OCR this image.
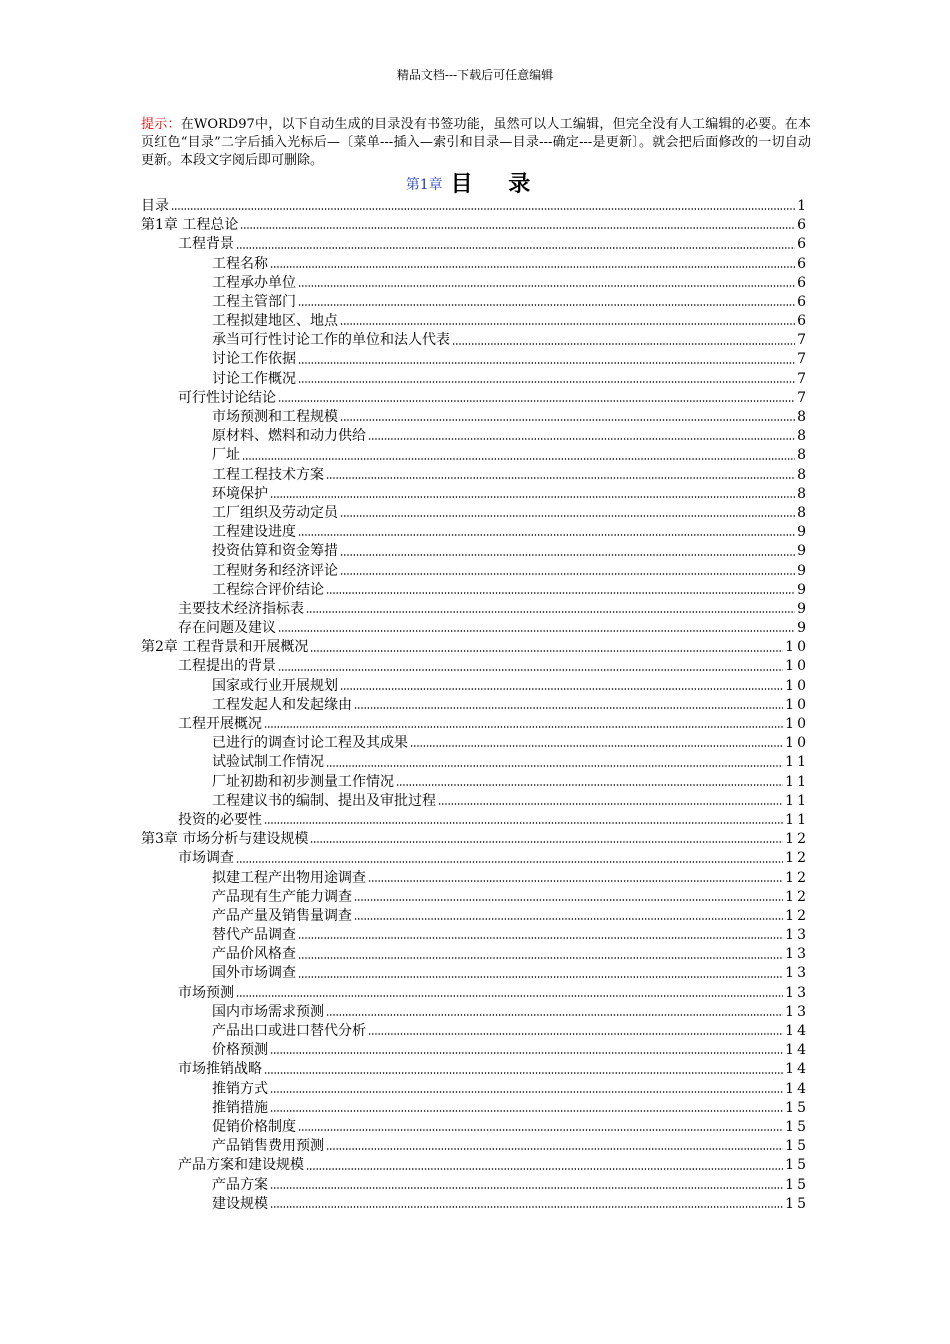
精品文档---下载后可任意编辑
提示：在WORD97中，以下自动生成的目录没有书签功能，虽然可以人工编辑，但完全没有人工编辑的必要。在本页红色“目录”二字后插入光标后—〔菜单---插入—索引和目录—目录---确定---是更新〕。就会把后面修改的一切自动更新。本段文字阅后即可删除。
第1章 目 录
目录	1
第1章 工程总论	6
工程背景	6
工程名称	6
工程承办单位	6
工程主管部门	6
工程拟建地区、地点	6
承当可行性讨论工作的单位和法人代表	7
讨论工作依据	7
讨论工作概况	7
可行性讨论结论	7
市场预测和工程规模	8
原材料、燃料和动力供给	8
厂址	8
工程工程技术方案	8
环境保护	8
工厂组织及劳动定员	8
工程建设进度	9
投资估算和资金筹措	9
工程财务和经济评论	9
工程综合评价结论	9
主要技术经济指标表	9
存在问题及建议	9
第2章 工程背景和开展概况	10
工程提出的背景	10
国家或行业开展规划	10
工程发起人和发起缘由	10
工程开展概况	10
已进行的调查讨论工程及其成果	10
试验试制工作情况	11
厂址初勘和初步测量工作情况	11
工程建议书的编制、提出及审批过程	11
投资的必要性	11
第3章 市场分析与建设规模	12
市场调查	12
拟建工程产出物用途调查	12
产品现有生产能力调查	12
产品产量及销售量调查	12
替代产品调查	13
产品价风格查	13
国外市场调查	13
市场预测	13
国内市场需求预测	13
产品出口或进口替代分析	14
价格预测	14
市场推销战略	14
推销方式	14
推销措施	15
促销价格制度	15
产品销售费用预测	15
产品方案和建设规模	15
产品方案	15
建设规模	15
